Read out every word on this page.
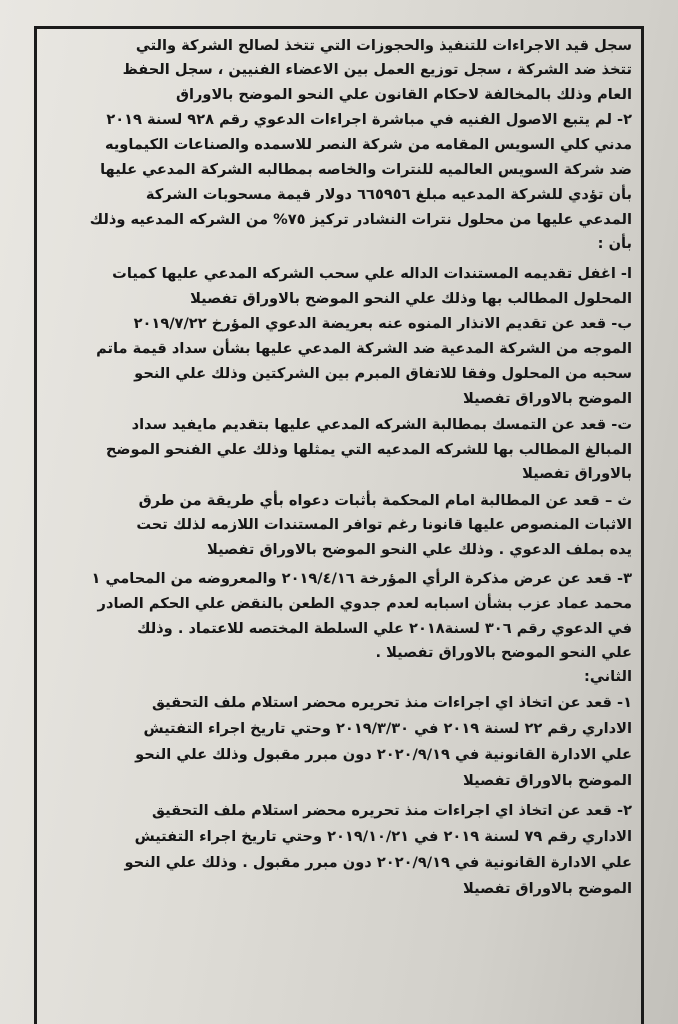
سجل قيد الاجراءات للتنفيذ والحجوزات التي تتخذ لصالح الشركة والتي
تتخذ ضد الشركة ، سجل توزيع العمل بين الاعضاء الفنيين ، سجل الحفظ
العام وذلك بالمخالفة لاحكام القانون علي النحو الموضح بالاوراق
٢- لم يتبع الاصول الفنيه في مباشرة اجراءات الدعوي رقم ٩٢٨ لسنة ٢٠١٩
مدني كلي السويس المقامه من شركة النصر للاسمده والصناعات الكيماويه
ضد شركة السويس العالميه للنترات والخاصه بمطالبه الشركة المدعي عليها
بأن تؤدي للشركة المدعيه مبلغ ٦٦٥٩٥٦ دولار قيمة مسحوبات الشركة
المدعي عليها من محلول نترات النشادر تركيز ٧٥% من الشركه المدعيه وذلك
بأن :
ا- اغفل تقديمه المستندات الداله علي سحب الشركه المدعي عليها كميات
المحلول المطالب بها وذلك علي النحو الموضح بالاوراق تفصيلا
ب- قعد عن تقديم الانذار المنوه عنه بعريضة الدعوي المؤرخ ٢٠١٩/٧/٢٢
الموجه من الشركة المدعية ضد الشركة المدعي عليها بشأن سداد قيمة ماتم
سحبه من المحلول وفقا للاتفاق المبرم بين الشركتين وذلك علي النحو
الموضح بالاوراق تفصيلا
ت- قعد عن التمسك بمطالبة الشركه المدعي عليها بتقديم مايفيد سداد
المبالغ المطالب بها للشركه المدعيه التي يمثلها وذلك علي الفنحو الموضح
بالاوراق تفصيلا
ث – قعد عن المطالبة امام المحكمة بأثبات دعواه بأي طريقة من طرق
الاثبات المنصوص عليها قانونا رغم توافر المستندات اللازمه لذلك تحت
يده بملف الدعوي . وذلك علي النحو الموضح بالاوراق تفصيلا
٣- قعد عن عرض مذكرة الرأي المؤرخة ٢٠١٩/٤/١٦ والمعروضه من المحامي ١
محمد عماد عزب بشأن اسبابه لعدم جدوي الطعن بالنقض علي الحكم الصادر
في الدعوي رقم ٣٠٦ لسنة٢٠١٨ علي السلطة المختصه للاعتماد . وذلك
علي النحو الموضح بالاوراق تفصيلا .
الثاني:
١- قعد عن اتخاذ اي اجراءات منذ تحريره محضر استلام ملف التحقيق
الاداري رقم ٢٢ لسنة ٢٠١٩ في ٢٠١٩/٣/٣٠ وحتي تاريخ اجراء التفتيش
علي الادارة القانونية في ٢٠٢٠/٩/١٩ دون مبرر مقبول وذلك علي النحو
الموضح بالاوراق تفصيلا
٢- قعد عن اتخاذ اي اجراءات منذ تحريره محضر استلام ملف التحقيق
الاداري رقم ٧٩ لسنة ٢٠١٩ في ٢٠١٩/١٠/٢١ وحتي تاريخ اجراء التفتيش
علي الادارة القانونية في ٢٠٢٠/٩/١٩ دون مبرر مقبول . وذلك علي النحو
الموضح بالاوراق تفصيلا
